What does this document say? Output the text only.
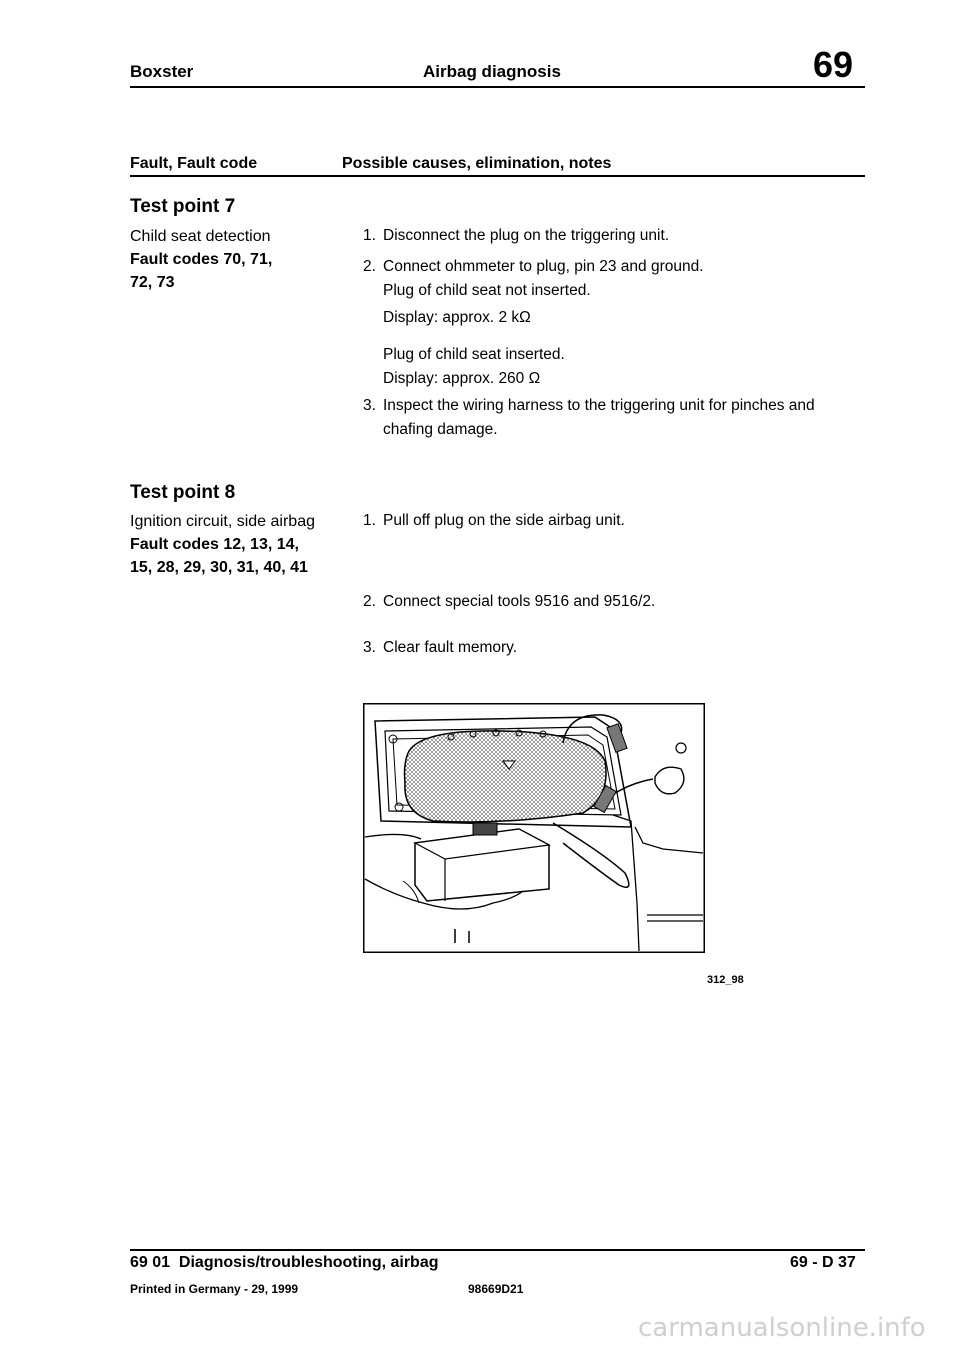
Boxster	Airbag diagnosis	69
Fault, Fault code	Possible causes, elimination, notes
Test point 7
Child seat detection
Fault codes 70, 71,
72, 73
1. Disconnect the plug on the triggering unit.
2. Connect ohmmeter to plug, pin 23 and ground.
Plug of child seat not inserted.
Display: approx. 2 kΩ
Plug of child seat inserted.
Display: approx. 260 Ω
3. Inspect the wiring harness to the triggering unit for pinches and
chafing damage.
Test point 8
Ignition circuit, side airbag
Fault codes 12, 13, 14,
15, 28, 29, 30, 31, 40, 41
1. Pull off plug on the side airbag unit.
2. Connect special tools 9516 and 9516/2.
3. Clear fault memory.
312_98
69 01  Diagnosis/troubleshooting, airbag	69 - D 37
Printed in Germany - 29, 1999	98669D21
carmanualsonline.info
